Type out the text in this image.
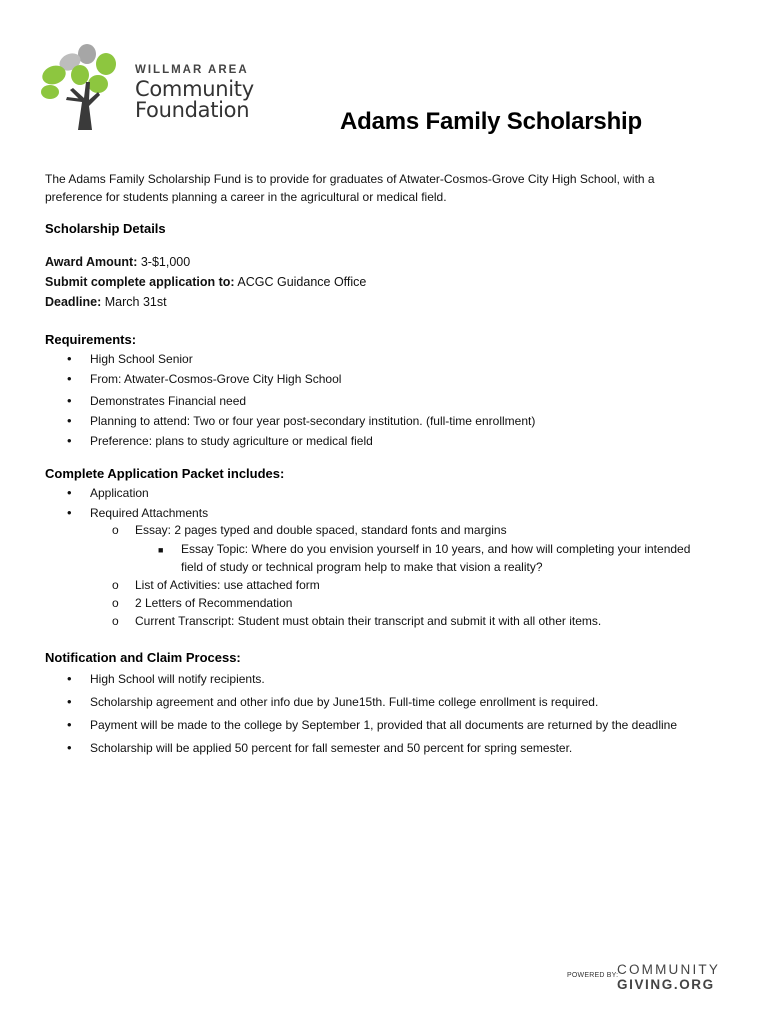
WILLMAR AREA
Community
Foundation	Adams Family Scholarship
The Adams Family Scholarship Fund is to provide for graduates of Atwater-Cosmos-Grove City High School, with a preference for students planning a career in the agricultural or medical field.
Scholarship Details
Award Amount: 3-$1,000
Submit complete application to: ACGC Guidance Office
Deadline: March 31st
Requirements:
• High School Senior
• From: Atwater-Cosmos-Grove City High School
• Demonstrates Financial need
• Planning to attend: Two or four year post-secondary institution. (full-time enrollment)
• Preference: plans to study agriculture or medical field
Complete Application Packet includes:
• Application
• Required Attachments
o Essay: 2 pages typed and double spaced, standard fonts and margins
■ Essay Topic: Where do you envision yourself in 10 years, and how will completing your intended
field of study or technical program help to make that vision a reality?
o List of Activities: use attached form
o 2 Letters of Recommendation
o Current Transcript: Student must obtain their transcript and submit it with all other items.
Notification and Claim Process:
• High School will notify recipients.
• Scholarship agreement and other info due by June15th. Full-time college enrollment is required.
• Payment will be made to the college by September 1, provided that all documents are returned by the deadline
• Scholarship will be applied 50 percent for fall semester and 50 percent for spring semester.
POWERED BY:
COMMUNITY
GIVING.ORG
